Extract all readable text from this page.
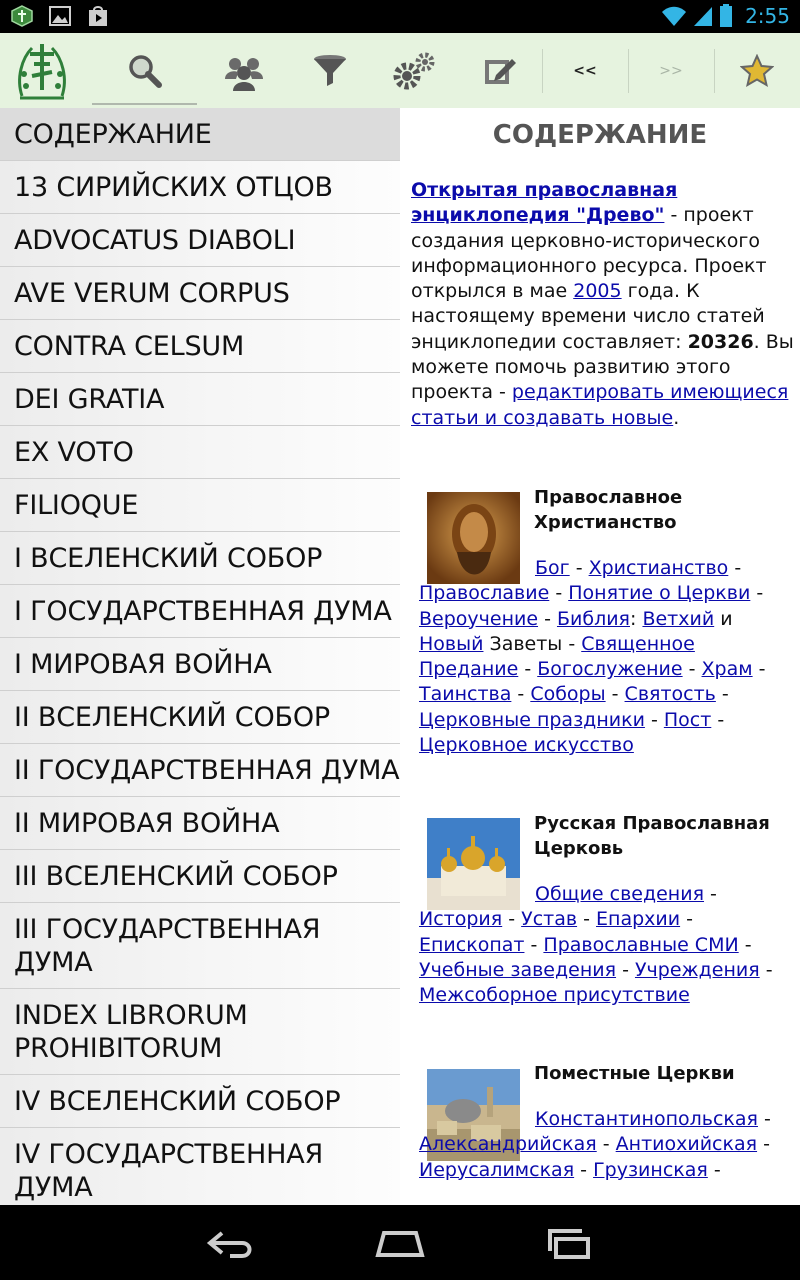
2:55
<<	>>
СОДЕРЖАНИЕ
13 СИРИЙСКИХ ОТЦОВ
ADVOCATUS DIABOLI
AVE VERUM CORPUS
CONTRA CELSUM
DEI GRATIA
EX VOTO
FILIOQUE
I ВСЕЛЕНСКИЙ СОБОР
I ГОСУДАРСТВЕННАЯ ДУМА
I МИРОВАЯ ВОЙНА
II ВСЕЛЕНСКИЙ СОБОР
II ГОСУДАРСТВЕННАЯ ДУМА
II МИРОВАЯ ВОЙНА
III ВСЕЛЕНСКИЙ СОБОР
III ГОСУДАРСТВЕННАЯ ДУМА
INDEX LIBRORUM PROHIBITORUM
IV ВСЕЛЕНСКИЙ СОБОР
IV ГОСУДАРСТВЕННАЯ ДУМА
СОДЕРЖАНИЕ
Открытая православная энциклопедия "Древо" - проект создания церковно-исторического информационного ресурса. Проект открылся в мае 2005 года. К настоящему времени число статей энциклопедии составляет: 20326. Вы можете помочь развитию этого проекта - редактировать имеющиеся статьи и создавать новые.
Православное Христианство
Бог - Христианство - Православие - Понятие о Церкви - Вероучение - Библия: Ветхий и Новый Заветы - Священное Предание - Богослужение - Храм - Таинства - Соборы - Святость - Церковные праздники - Пост - Церковное искусство
Русская Православная Церковь
Общие сведения - История - Устав - Епархии - Епископат - Православные СМИ - Учебные заведения - Учреждения - Межсоборное присутствие
Поместные Церкви
Константинопольская - Александрийская - Антиохийская - Иерусалимская - Грузинская -
